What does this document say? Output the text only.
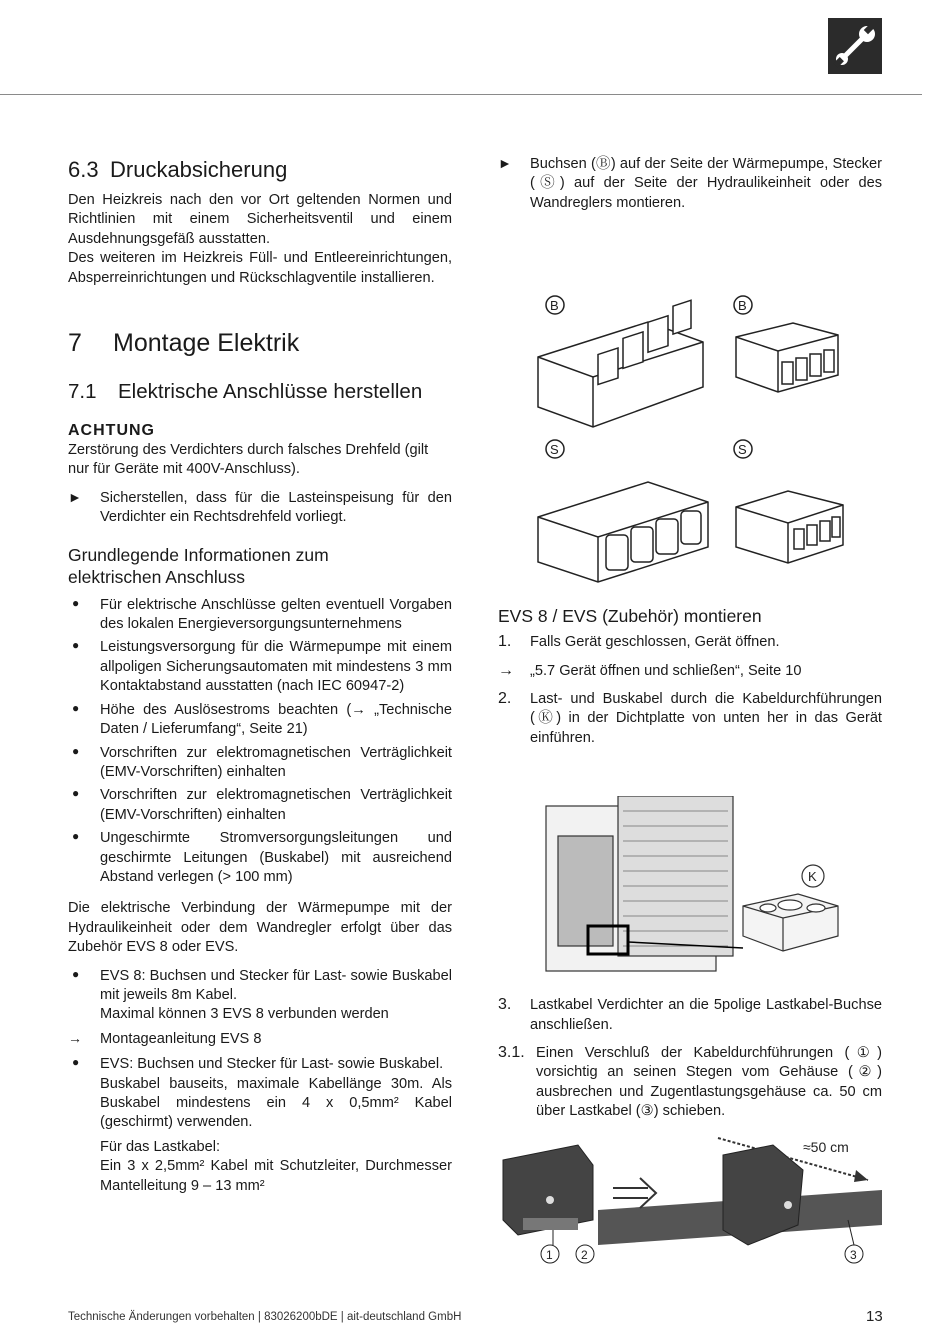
6.3 Druckabsicherung

Den Heizkreis nach den vor Ort geltenden Normen und Richtlinien mit einem Sicherheitsventil und einem Ausdehnungsgefäß ausstatten.

Des weiteren im Heizkreis Füll- und Entleereinrichtungen, Absperreinrichtungen und Rückschlagventile installieren.

7 Montage Elektrik
7.1 Elektrische Anschlüsse herstellen
ACHTUNG

Zerstörung des Verdichters durch falsches Drehfeld (gilt nur für Geräte mit 400V-Anschluss).

► Sicherstellen, dass für die Lasteinspeisung für den Verdichter ein Rechtsdrehfeld vorliegt.

Grundlegende Informationen zum
elektrischen Anschluss
● Für elektrische Anschlüsse gelten eventuell Vorgaben des lokalen Energieversorgungsunternehmens

● Leistungsversorgung für die Wärmepumpe mit einem allpoligen Sicherungsautomaten mit mindestens 3 mm Kontaktabstand ausstatten (nach IEC 60947-2)

● Höhe des Auslösestroms beachten (→ „Technische Daten / Lieferumfang“, Seite 21)

● Vorschriften zur elektromagnetischen Verträglichkeit (EMV-Vorschriften) einhalten

● Vorschriften zur elektromagnetischen Verträglichkeit (EMV-Vorschriften) einhalten

● Ungeschirmte Stromversorgungsleitungen und geschirmte Leitungen (Buskabel) mit ausreichend Abstand verlegen (> 100 mm)

Die elektrische Verbindung der Wärmepumpe mit der Hydraulikeinheit oder dem Wandregler erfolgt über das Zubehör EVS 8 oder EVS.

● EVS 8: Buchsen und Stecker für Last- sowie Buskabel mit jeweils 8m Kabel.

Maximal können 3 EVS 8 verbunden werden

→ Montageanleitung EVS 8

● EVS: Buchsen und Stecker für Last- sowie Buskabel.

Buskabel bauseits, maximale Kabellänge 30m. Als Buskabel mindestens ein 4 x 0,5mm² Kabel (geschirmt) verwenden.

Für das Lastkabel:

Ein 3 x 2,5mm² Kabel mit Schutzleiter, Durchmesser Mantelleitung 9 – 13 mm²

► Buchsen (Ⓑ) auf der Seite der Wärmepumpe, Stecker (Ⓢ) auf der Seite der Hydraulikeinheit oder des Wandreglers montieren.

B	B
S	S
EVS 8 / EVS (Zubehör) montieren
1. Falls Gerät geschlossen, Gerät öffnen.

→ „5.7 Gerät öffnen und schließen“, Seite 10

2. Last- und Buskabel durch die Kabeldurchführungen (Ⓚ) in der Dichtplatte von unten her in das Gerät einführen.

K
3. Lastkabel Verdichter an die 5polige Lastkabel-Buchse anschließen.

3.1. Einen Verschluß der Kabeldurchführungen (①) vorsichtig an seinen Stegen vom Gehäuse (②) ausbrechen und Zugentlastungsgehäuse ca. 50 cm über Lastkabel (③) schieben.

≈50 cm
1 2	3
Technische Änderungen vorbehalten | 83026200bDE | ait-deutschland GmbH	13
